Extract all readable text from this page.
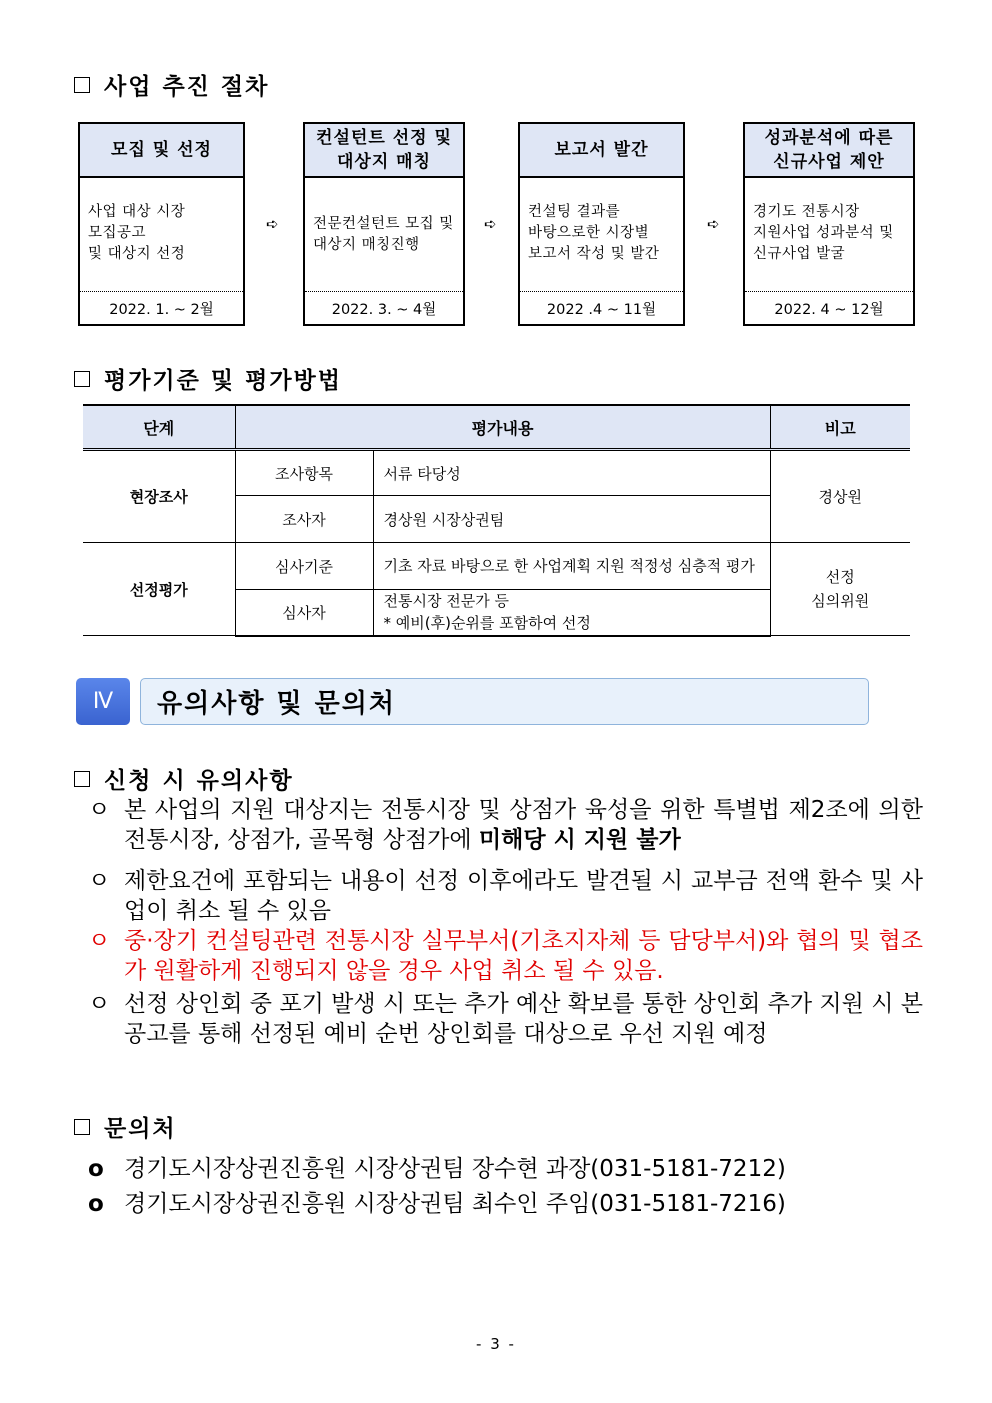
사업 추진 절차
모집 및 선정
사업 대상 시장
모집공고
및 대상지 선정
2022. 1. ~ 2월
➪
컨설턴트 선정 및 대상지 매칭
전문컨설턴트 모집 및
대상지 매칭진행
2022. 3. ~ 4월
➪
보고서 발간
컨설팅 결과를
바탕으로한 시장별
보고서 작성 및 발간
2022 .4 ~ 11월
➪
성과분석에 따른 신규사업 제안
경기도 전통시장
지원사업 성과분석 및
신규사업 발굴
2022. 4 ~ 12월
평가기준 및 평가방법
단계	평가내용		비고
현장조사	조사항목	서류 타당성	경상원
	조사자	경상원 시장상권팀	
선정평가	심사기준	기초 자료 바탕으로 한 사업계획 지원 적정성 심층적 평가	선정
심의위원

	심사자	전통시장 전문가 등
* 예비(후)순위를 포함하여 선정	
Ⅳ	유의사항 및 문의처
신청 시 유의사항
ㅇ 본 사업의 지원 대상지는 전통시장 및 상점가 육성을 위한 특별법 제2조에 의한 전통시장, 상점가, 골목형 상점가에 미해당 시 지원 불가
ㅇ 제한요건에 포함되는 내용이 선정 이후에라도 발견될 시 교부금 전액 환수 및 사업이 취소 될 수 있음
ㅇ 중·장기 컨설팅관련 전통시장 실무부서(기초지자체 등 담당부서)와 협의 및 협조가 원활하게 진행되지 않을 경우 사업 취소 될 수 있음.
ㅇ 선정 상인회 중 포기 발생 시 또는 추가 예산 확보를 통한 상인회 추가 지원 시 본 공고를 통해 선정된 예비 순번 상인회를 대상으로 우선 지원 예정
문의처
o 경기도시장상권진흥원 시장상권팀 장수현 과장(031-5181-7212)
o 경기도시장상권진흥원 시장상권팀 최수인 주임(031-5181-7216)
- 3 -
